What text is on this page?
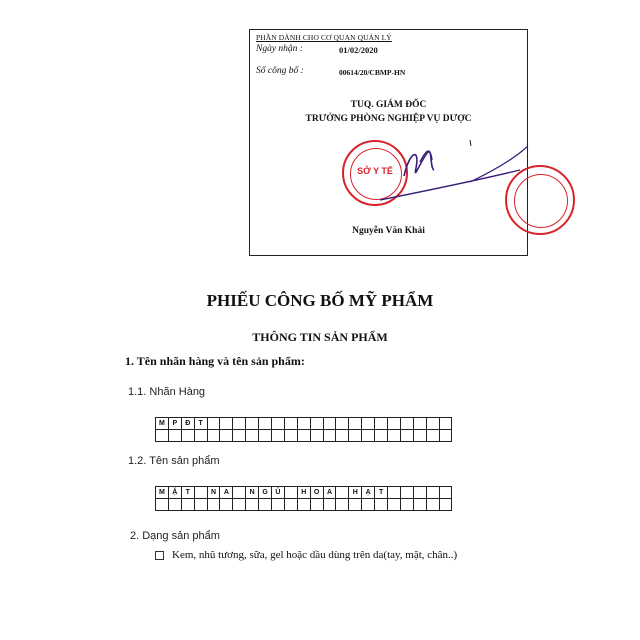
PHẦN DÀNH CHO CƠ QUAN QUẢN LÝ
Ngày nhận :	01/02/2020
Số công bố :	00614/20/CBMP-HN
TUQ. GIÁM ĐỐC
TRƯỞNG PHÒNG NGHIỆP VỤ DƯỢC
SỞ Y TẾ
Nguyễn Văn Khải
PHIẾU CÔNG BỐ MỸ PHẨM
THÔNG TIN SẢN PHẨM
1. Tên nhãn hàng và tên sản phẩm:
1.1. Nhãn Hàng
M	P	Đ	T
1.2. Tên sản phẩm
M	Ặ	T	N	A	N	G	Ủ	H	O	A	H	Ạ	T
2. Dạng sản phẩm
Kem, nhũ tương, sữa, gel hoặc dầu dùng trên da(tay, mặt, chân..)
